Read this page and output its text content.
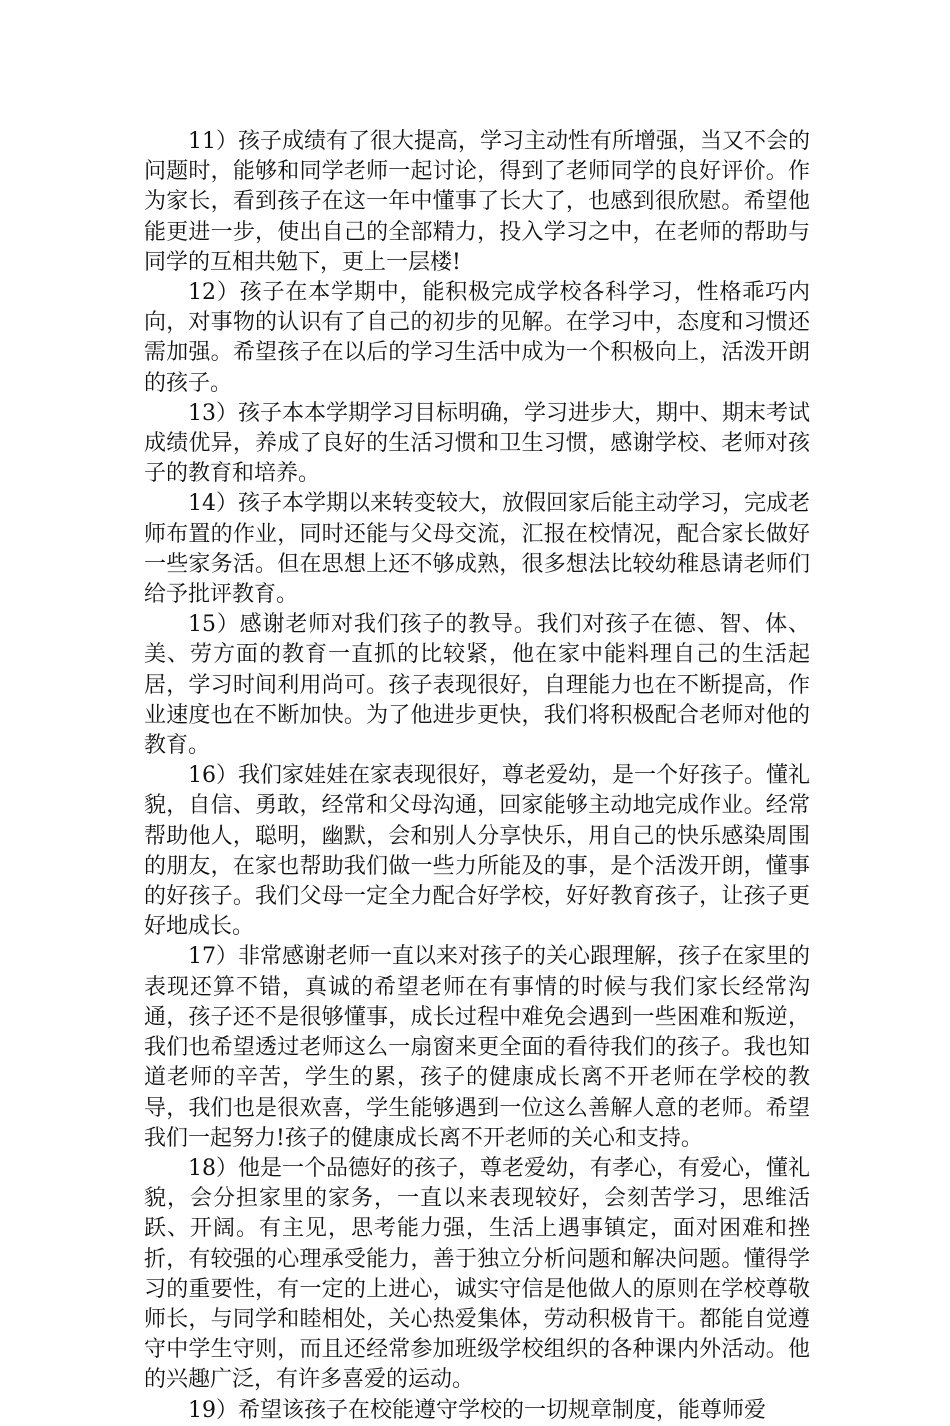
11）孩子成绩有了很大提高，学习主动性有所增强，当又不会的问题时，能够和同学老师一起讨论，得到了老师同学的良好评价。作为家长，看到孩子在这一年中懂事了长大了，也感到很欣慰。希望他能更进一步，使出自己的全部精力，投入学习之中，在老师的帮助与同学的互相共勉下，更上一层楼!

12）孩子在本学期中，能积极完成学校各科学习，性格乖巧内向，对事物的认识有了自己的初步的见解。在学习中，态度和习惯还需加强。希望孩子在以后的学习生活中成为一个积极向上，活泼开朗的孩子。

13）孩子本本学期学习目标明确，学习进步大，期中、期末考试成绩优异，养成了良好的生活习惯和卫生习惯，感谢学校、老师对孩子的教育和培养。

14）孩子本学期以来转变较大，放假回家后能主动学习，完成老师布置的作业，同时还能与父母交流，汇报在校情况，配合家长做好一些家务活。但在思想上还不够成熟，很多想法比较幼稚恳请老师们给予批评教育。

15）感谢老师对我们孩子的教导。我们对孩子在德、智、体、美、劳方面的教育一直抓的比较紧，他在家中能料理自己的生活起居，学习时间利用尚可。孩子表现很好，自理能力也在不断提高，作业速度也在不断加快。为了他进步更快，我们将积极配合老师对他的教育。

16）我们家娃娃在家表现很好，尊老爱幼，是一个好孩子。懂礼貌，自信、勇敢，经常和父母沟通，回家能够主动地完成作业。经常帮助他人，聪明，幽默，会和别人分享快乐，用自己的快乐感染周围的朋友，在家也帮助我们做一些力所能及的事，是个活泼开朗，懂事的好孩子。我们父母一定全力配合好学校，好好教育孩子，让孩子更好地成长。

17）非常感谢老师一直以来对孩子的关心跟理解，孩子在家里的表现还算不错，真诚的希望老师在有事情的时候与我们家长经常沟通，孩子还不是很够懂事，成长过程中难免会遇到一些困难和叛逆，我们也希望透过老师这么一扇窗来更全面的看待我们的孩子。我也知道老师的辛苦，学生的累，孩子的健康成长离不开老师在学校的教导，我们也是很欢喜，学生能够遇到一位这么善解人意的老师。希望我们一起努力!孩子的健康成长离不开老师的关心和支持。

18）他是一个品德好的孩子，尊老爱幼，有孝心，有爱心，懂礼貌，会分担家里的家务，一直以来表现较好，会刻苦学习，思维活跃、开阔。有主见，思考能力强，生活上遇事镇定，面对困难和挫折，有较强的心理承受能力，善于独立分析问题和解决问题。懂得学习的重要性，有一定的上进心，诚实守信是他做人的原则在学校尊敬师长，与同学和睦相处，关心热爱集体，劳动积极肯干。都能自觉遵守中学生守则，而且还经常参加班级学校组织的各种课内外活动。他的兴趣广泛，有许多喜爱的运动。

19）希望该孩子在校能遵守学校的一切规章制度，能尊师爱
